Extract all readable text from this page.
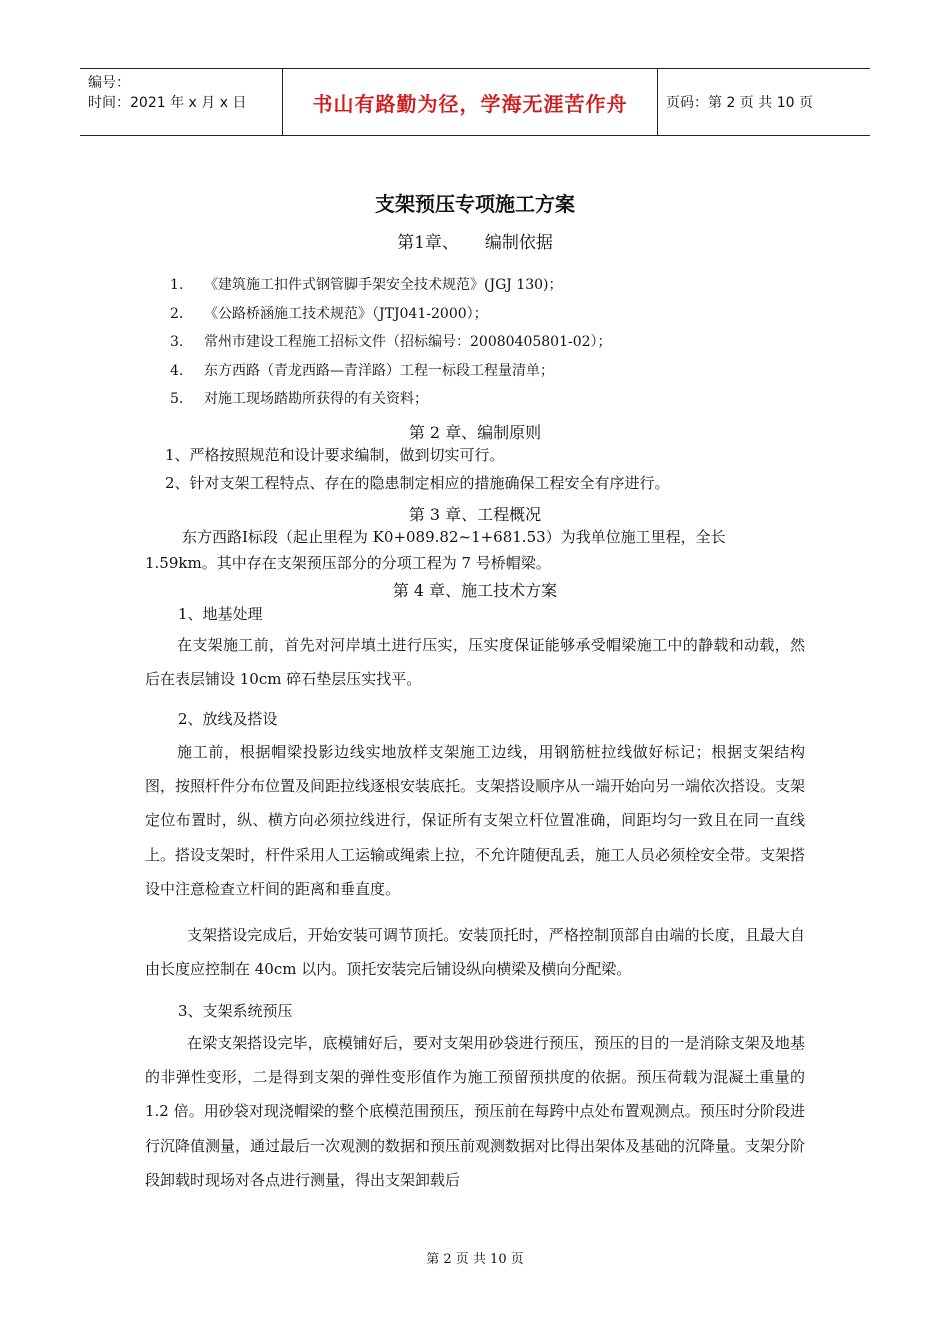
编号：
时间：2021 年 x 月 x 日	书山有路勤为径，学海无涯苦作舟	页码：第 2 页 共 10 页
支架预压专项施工方案
第1章、 编制依据
1. 《建筑施工扣件式钢管脚手架安全技术规范》(JGJ 130)；
2. 《公路桥涵施工技术规范》（JTJ041-2000）；
3. 常州市建设工程施工招标文件（招标编号：20080405801-02）；
4. 东方西路（青龙西路—青洋路）工程一标段工程量清单；
5. 对施工现场踏勘所获得的有关资料；
第 2 章、编制原则
1、严格按照规范和设计要求编制，做到切实可行。
2、针对支架工程特点、存在的隐患制定相应的措施确保工程安全有序进行。
第 3 章、工程概况
东方西路Ⅰ标段（起止里程为 K0+089.82~1+681.53）为我单位施工里程，全长
1.59km。其中存在支架预压部分的分项工程为 7 号桥帽梁。
第 4 章、施工技术方案
1、地基处理
在支架施工前，首先对河岸填土进行压实，压实度保证能够承受帽梁施工中的静载和动载，然后在表层铺设 10cm 碎石垫层压实找平。
2、放线及搭设
施工前，根据帽梁投影边线实地放样支架施工边线，用钢筋桩拉线做好标记；根据支架结构图，按照杆件分布位置及间距拉线逐根安装底托。支架搭设顺序从一端开始向另一端依次搭设。支架定位布置时，纵、横方向必须拉线进行，保证所有支架立杆位置准确，间距均匀一致且在同一直线上。搭设支架时，杆件采用人工运输或绳索上拉，不允许随便乱丢，施工人员必须栓安全带。支架搭设中注意检查立杆间的距离和垂直度。
支架搭设完成后，开始安装可调节顶托。安装顶托时，严格控制顶部自由端的长度，且最大自由长度应控制在 40cm 以内。顶托安装完后铺设纵向横梁及横向分配梁。
3、支架系统预压
在梁支架搭设完毕，底模铺好后，要对支架用砂袋进行预压，预压的目的一是消除支架及地基的非弹性变形，二是得到支架的弹性变形值作为施工预留预拱度的依据。预压荷载为混凝土重量的 1.2 倍。用砂袋对现浇帽梁的整个底模范围预压，预压前在每跨中点处布置观测点。预压时分阶段进行沉降值测量，通过最后一次观测的数据和预压前观测数据对比得出架体及基础的沉降量。支架分阶段卸载时现场对各点进行测量，得出支架卸载后
第 2 页 共 10 页
